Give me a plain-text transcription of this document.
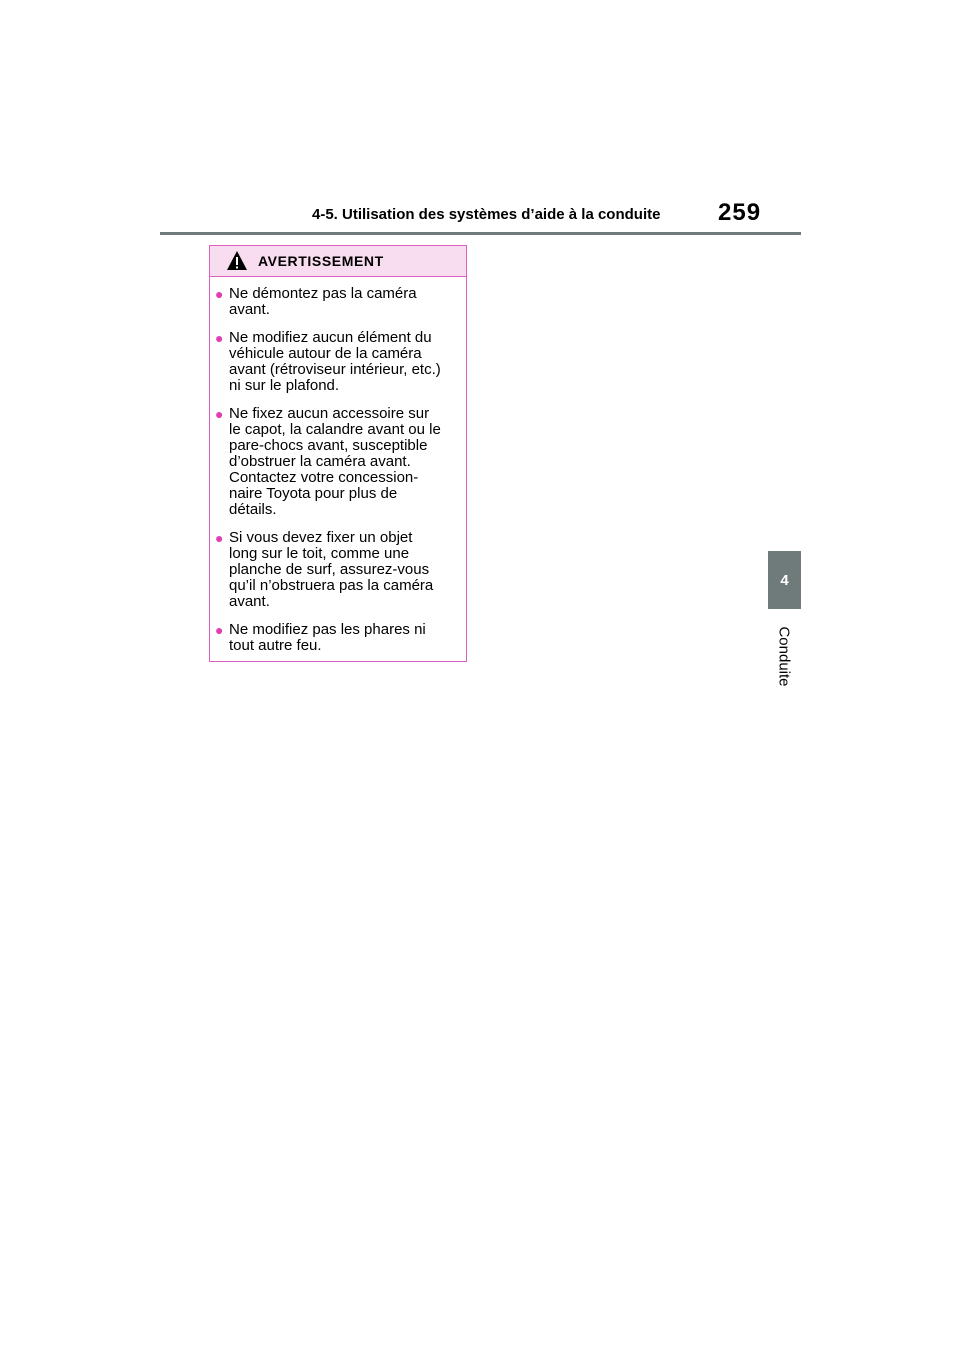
4-5. Utilisation des systèmes d’aide à la conduite	259
4
Conduite
AVERTISSEMENT
● Ne démontez pas la caméra
avant.
● Ne modifiez aucun élément du
véhicule autour de la caméra
avant (rétroviseur intérieur, etc.)
ni sur le plafond.
● Ne fixez aucun accessoire sur
le capot, la calandre avant ou le
pare-chocs avant, susceptible
d’obstruer la caméra avant.
Contactez votre concession-
naire Toyota pour plus de
détails.
● Si vous devez fixer un objet
long sur le toit, comme une
planche de surf, assurez-vous
qu’il n’obstruera pas la caméra
avant.
● Ne modifiez pas les phares ni
tout autre feu.
